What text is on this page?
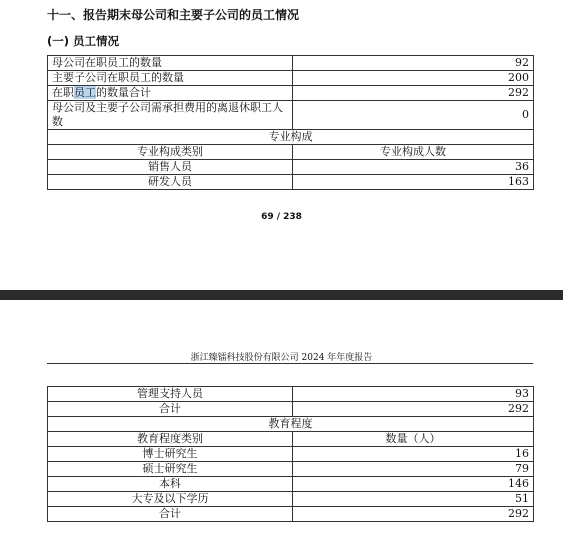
十一、报告期末母公司和主要子公司的员工情况
(一) 员工情况
母公司在职员工的数量	92
主要子公司在职员工的数量	200
在职员工的数量合计	292
母公司及主要子公司需承担费用的离退休职工人数	0
专业构成	
专业构成类别	专业构成人数
销售人员	36
研发人员	163
69 / 238
浙江臻镭科技股份有限公司 2024 年年度报告
管理支持人员	93
合计	292
教育程度	
教育程度类别	数量（人）
博士研究生	16
硕士研究生	79
本科	146
大专及以下学历	51
合计	292
